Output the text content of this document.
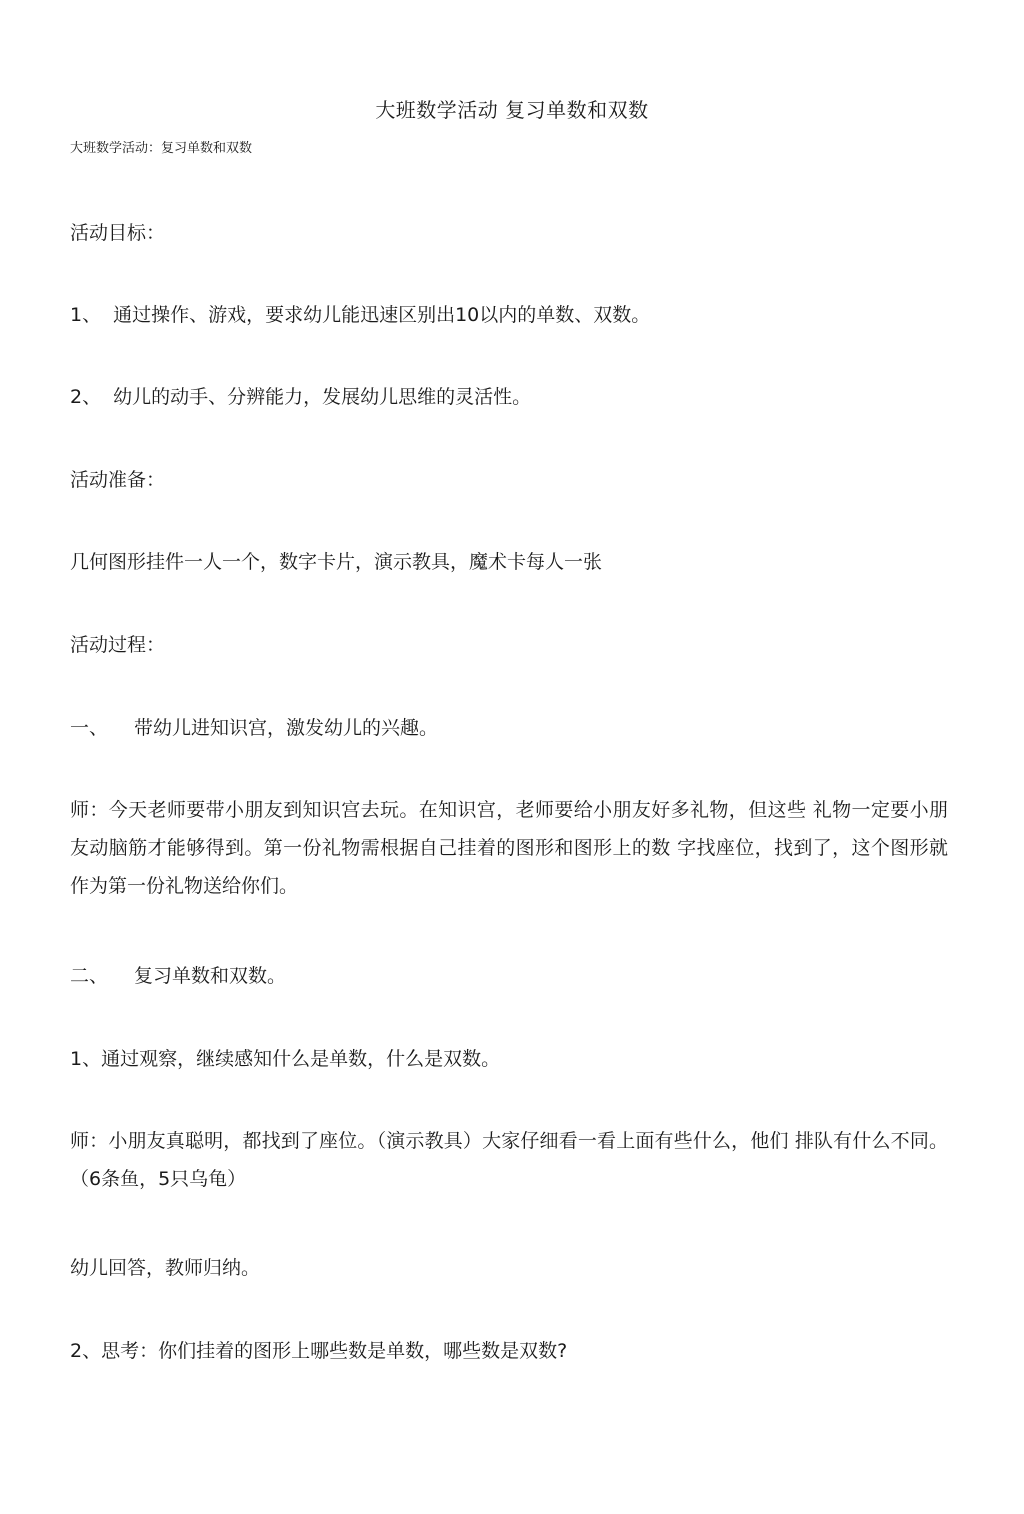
大班数学活动 复习单数和双数
大班数学活动：复习单数和双数
活动目标：
1、 通过操作、游戏，要求幼儿能迅速区别出10以内的单数、双数。
2、 幼儿的动手、分辨能力，发展幼儿思维的灵活性。
活动准备：
几何图形挂件一人一个，数字卡片，演示教具，魔术卡每人一张
活动过程：
一、 带幼儿进知识宫，激发幼儿的兴趣。
师：今天老师要带小朋友到知识宫去玩。在知识宫，老师要给小朋友好多礼物，但这些 礼物一定要小朋友动脑筋才能够得到。第一份礼物需根据自己挂着的图形和图形上的数 字找座位，找到了，这个图形就作为第一份礼物送给你们。
二、 复习单数和双数。
1、通过观察，继续感知什么是单数，什么是双数。
师：小朋友真聪明，都找到了座位。（演示教具）大家仔细看一看上面有些什么，他们 排队有什么不同。（6条鱼，5只乌龟）
幼儿回答，教师归纳。
2、思考：你们挂着的图形上哪些数是单数，哪些数是双数?
